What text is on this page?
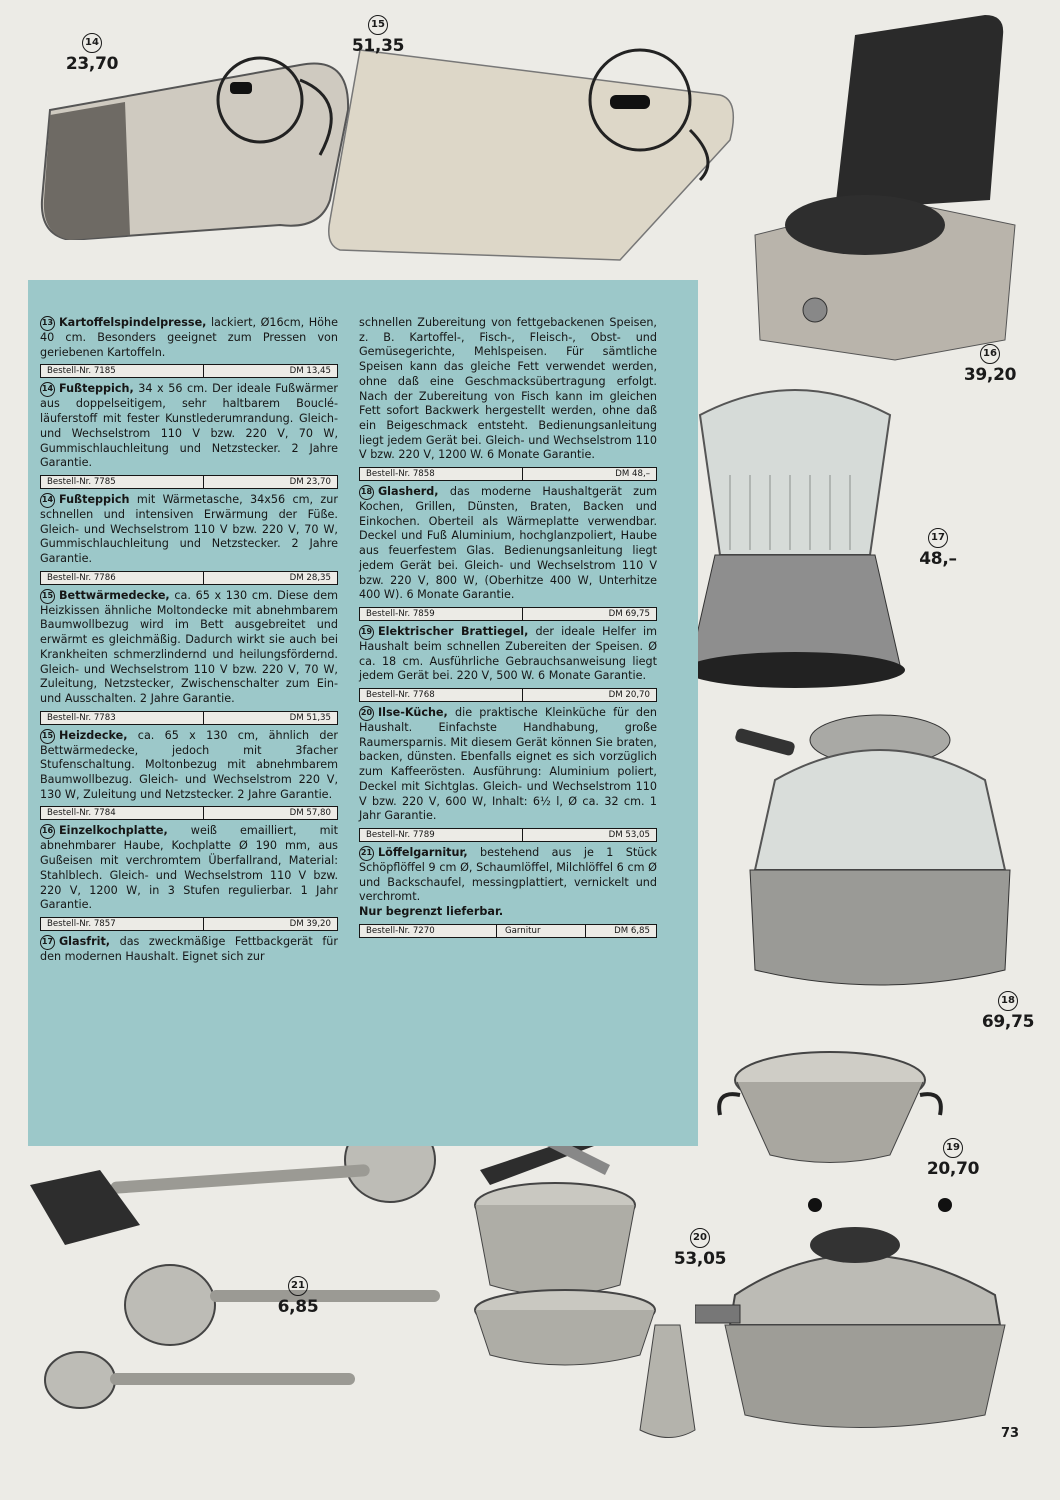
14
23,70
15
51,35
16
39,20
17
48,–
18
69,75
19
20,70
20
53,05
21
6,85
13 Kartoffelspindelpresse, lackiert, Ø16cm, Höhe 40 cm. Besonders geeignet zum Pressen von geriebenen Kartoffeln.
Bestell-Nr. 7185	DM 13,45
14 Fußteppich, 34 x 56 cm. Der ideale Fußwärmer aus doppelseitigem, sehr haltbarem Boucléläuferstoff mit fester Kunstlederumrandung. Gleich- und Wechselstrom 110 V bzw. 220 V, 70 W, Gummischlauchleitung und Netzstecker. 2 Jahre Garantie.
Bestell-Nr. 7785	DM 23,70
14 Fußteppich mit Wärmetasche, 34x56 cm, zur schnellen und intensiven Erwärmung der Füße. Gleich- und Wechselstrom 110 V bzw. 220 V, 70 W, Gummischlauchleitung und Netzstecker. 2 Jahre Garantie.
Bestell-Nr. 7786	DM 28,35
15 Bettwärmedecke, ca. 65 x 130 cm. Diese dem Heizkissen ähnliche Moltondecke mit abnehmbarem Baumwollbezug wird im Bett ausgebreitet und erwärmt es gleichmäßig. Dadurch wirkt sie auch bei Krankheiten schmerzlindernd und heilungsfördernd. Gleich- und Wechselstrom 110 V bzw. 220 V, 70 W, Zuleitung, Netzstecker, Zwischenschalter zum Ein- und Ausschalten. 2 Jahre Garantie.
Bestell-Nr. 7783	DM 51,35
15 Heizdecke, ca. 65 x 130 cm, ähnlich der Bettwärmedecke, jedoch mit 3facher Stufenschaltung. Moltonbezug mit abnehmbarem Baumwollbezug. Gleich- und Wechselstrom 220 V, 130 W, Zuleitung und Netzstecker. 2 Jahre Garantie.
Bestell-Nr. 7784	DM 57,80
16 Einzelkochplatte, weiß emailliert, mit abnehmbarer Haube, Kochplatte Ø 190 mm, aus Gußeisen mit verchromtem Überfallrand, Material: Stahlblech. Gleich- und Wechselstrom 110 V bzw. 220 V, 1200 W, in 3 Stufen regulierbar. 1 Jahr Garantie.
Bestell-Nr. 7857	DM 39,20
17 Glasfrit, das zweckmäßige Fettbackgerät für den modernen Haushalt. Eignet sich zur
schnellen Zubereitung von fettgebackenen Speisen, z. B. Kartoffel-, Fisch-, Fleisch-, Obst- und Gemüsegerichte, Mehlspeisen. Für sämtliche Speisen kann das gleiche Fett verwendet werden, ohne daß eine Geschmacksübertragung erfolgt. Nach der Zubereitung von Fisch kann im gleichen Fett sofort Backwerk hergestellt werden, ohne daß ein Beigeschmack entsteht. Bedienungsanleitung liegt jedem Gerät bei. Gleich- und Wechselstrom 110 V bzw. 220 V, 1200 W. 6 Monate Garantie.
Bestell-Nr. 7858	DM 48,–
18 Glasherd, das moderne Haushaltgerät zum Kochen, Grillen, Dünsten, Braten, Backen und Einkochen. Oberteil als Wärmeplatte verwendbar. Deckel und Fuß Aluminium, hochglanzpoliert, Haube aus feuerfestem Glas. Bedienungsanleitung liegt jedem Gerät bei. Gleich- und Wechselstrom 110 V bzw. 220 V, 800 W, (Oberhitze 400 W, Unterhitze 400 W). 6 Monate Garantie.
Bestell-Nr. 7859	DM 69,75
19 Elektrischer Brattiegel, der ideale Helfer im Haushalt beim schnellen Zubereiten der Speisen. Ø ca. 18 cm. Ausführliche Gebrauchsanweisung liegt jedem Gerät bei. 220 V, 500 W. 6 Monate Garantie.
Bestell-Nr. 7768	DM 20,70
20 Ilse-Küche, die praktische Kleinküche für den Haushalt. Einfachste Handhabung, große Raumersparnis. Mit diesem Gerät können Sie braten, backen, dünsten. Ebenfalls eignet es sich vorzüglich zum Kaffeerösten. Ausführung: Aluminium poliert, Deckel mit Sichtglas. Gleich- und Wechselstrom 110 V bzw. 220 V, 600 W, Inhalt: 6½ l, Ø ca. 32 cm. 1 Jahr Garantie.
Bestell-Nr. 7789	DM 53,05
21 Löffelgarnitur, bestehend aus je 1 Stück Schöpflöffel 9 cm Ø, Schaumlöffel, Milchlöffel 6 cm Ø und Backschaufel, messingplattiert, vernickelt und verchromt.
Nur begrenzt lieferbar.
Bestell-Nr. 7270	Garnitur	DM 6,85
73
